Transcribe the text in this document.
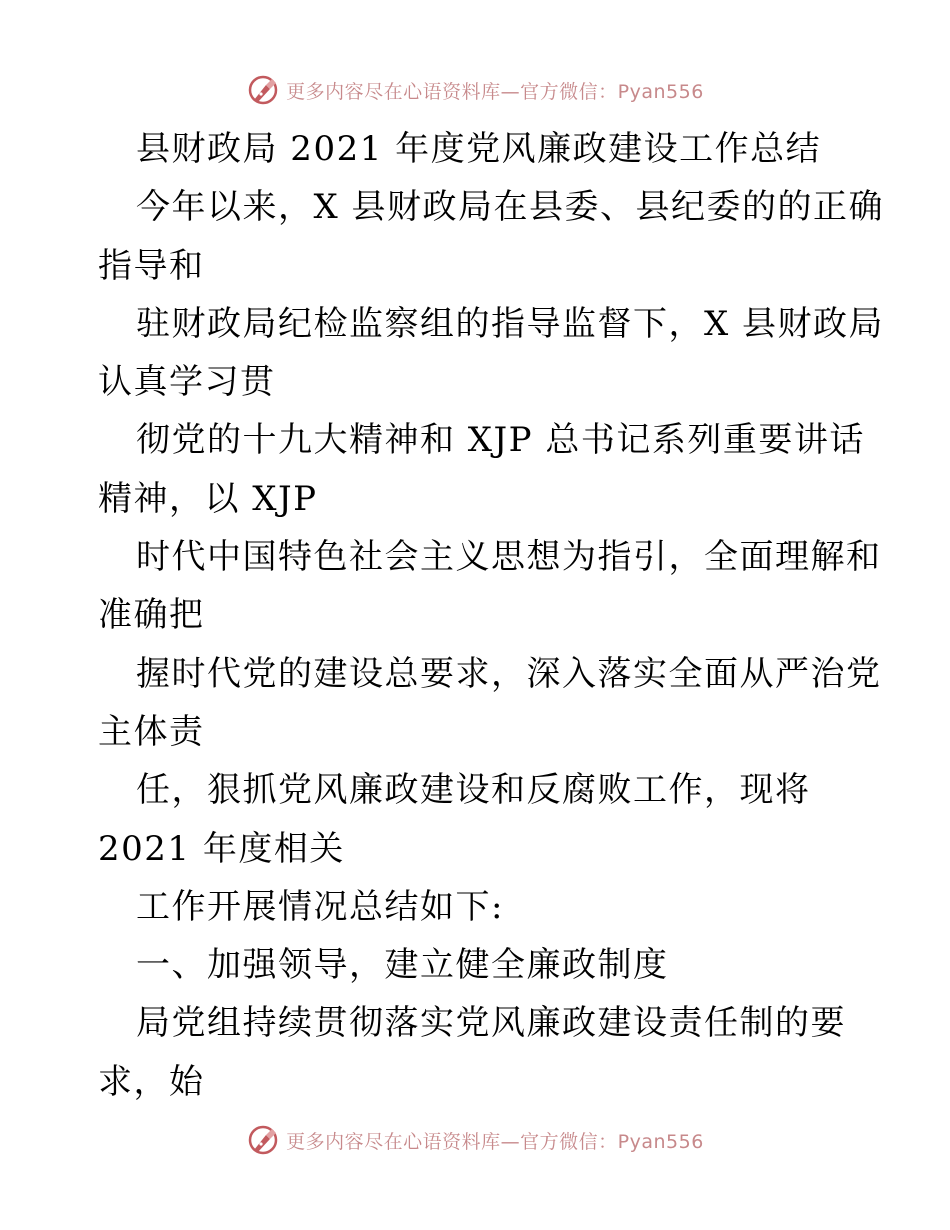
更多内容尽在心语资料库—官方微信：Pyan556
县财政局 2021 年度党风廉政建设工作总结
今年以来，X 县财政局在县委、县纪委的的正确
指导和
驻财政局纪检监察组的指导监督下，X 县财政局
认真学习贯
彻党的十九大精神和 XJP 总书记系列重要讲话
精神，以 XJP
时代中国特色社会主义思想为指引，全面理解和
准确把
握时代党的建设总要求，深入落实全面从严治党
主体责
任，狠抓党风廉政建设和反腐败工作，现将
2021 年度相关
工作开展情况总结如下:
一、加强领导，建立健全廉政制度
局党组持续贯彻落实党风廉政建设责任制的要
求，始
更多内容尽在心语资料库—官方微信：Pyan556
